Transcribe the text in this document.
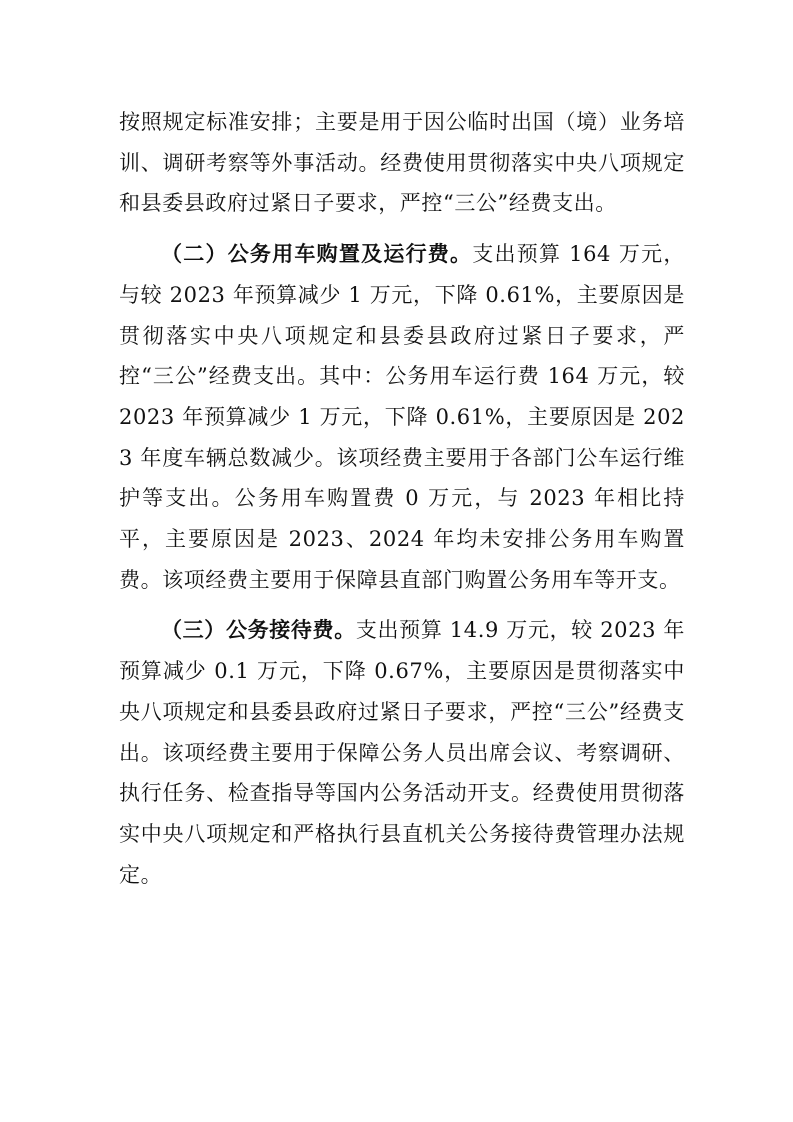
按照规定标准安排；主要是用于因公临时出国（境）业务培训、调研考察等外事活动。经费使用贯彻落实中央八项规定和县委县政府过紧日子要求，严控“三公”经费支出。

（二）公务用车购置及运行费。支出预算 164 万元，与较 2023 年预算减少 1 万元，下降 0.61%，主要原因是贯彻落实中央八项规定和县委县政府过紧日子要求，严控“三公”经费支出。其中：公务用车运行费 164 万元，较 2023 年预算减少 1 万元，下降 0.61%，主要原因是 2023 年度车辆总数减少。该项经费主要用于各部门公车运行维护等支出。公务用车购置费 0 万元，与 2023 年相比持平，主要原因是 2023、2024 年均未安排公务用车购置费。该项经费主要用于保障县直部门购置公务用车等开支。

（三）公务接待费。支出预算 14.9 万元，较 2023 年预算减少 0.1 万元，下降 0.67%，主要原因是贯彻落实中央八项规定和县委县政府过紧日子要求，严控“三公”经费支出。该项经费主要用于保障公务人员出席会议、考察调研、执行任务、检查指导等国内公务活动开支。经费使用贯彻落实中央八项规定和严格执行县直机关公务接待费管理办法规定。
